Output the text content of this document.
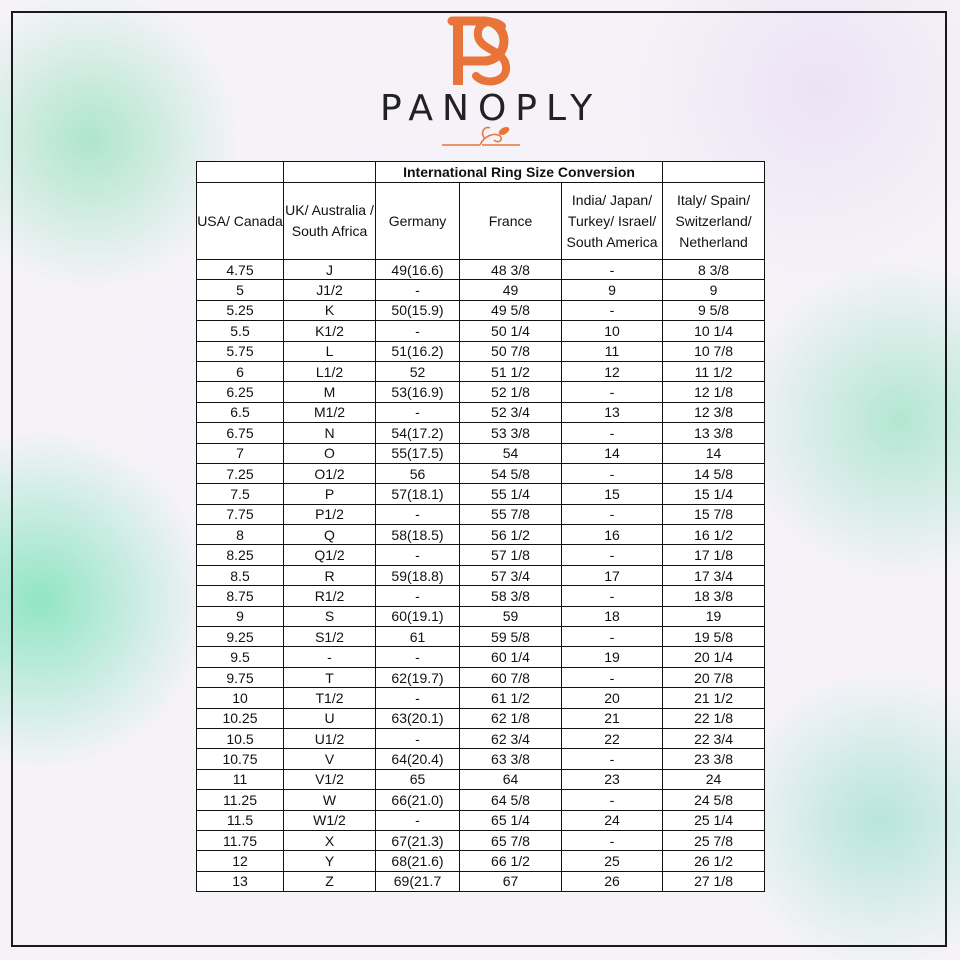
PANOPLY
		International Ring Size Conversion			
USA/ Canada	UK/ Australia / South Africa	Germany	France	India/ Japan/ Turkey/ Israel/ South America	Italy/ Spain/ Switzerland/ Netherland
4.75	J	49(16.6)	48 3/8	-	8 3/8
5	J1/2	-	49	9	9
5.25	K	50(15.9)	49 5/8	-	9 5/8
5.5	K1/2	-	50 1/4	10	10 1/4
5.75	L	51(16.2)	50 7/8	11	10 7/8
6	L1/2	52	51 1/2	12	11 1/2
6.25	M	53(16.9)	52 1/8	-	12 1/8
6.5	M1/2	-	52 3/4	13	12 3/8
6.75	N	54(17.2)	53 3/8	-	13 3/8
7	O	55(17.5)	54	14	14
7.25	O1/2	56	54 5/8	-	14 5/8
7.5	P	57(18.1)	55 1/4	15	15 1/4
7.75	P1/2	-	55 7/8	-	15 7/8
8	Q	58(18.5)	56 1/2	16	16 1/2
8.25	Q1/2	-	57 1/8	-	17 1/8
8.5	R	59(18.8)	57 3/4	17	17 3/4
8.75	R1/2	-	58 3/8	-	18 3/8
9	S	60(19.1)	59	18	19
9.25	S1/2	61	59 5/8	-	19 5/8
9.5	-	-	60 1/4	19	20 1/4
9.75	T	62(19.7)	60 7/8	-	20 7/8
10	T1/2	-	61 1/2	20	21 1/2
10.25	U	63(20.1)	62 1/8	21	22 1/8
10.5	U1/2	-	62 3/4	22	22 3/4
10.75	V	64(20.4)	63 3/8	-	23 3/8
11	V1/2	65	64	23	24
11.25	W	66(21.0)	64 5/8	-	24 5/8
11.5	W1/2	-	65 1/4	24	25 1/4
11.75	X	67(21.3)	65 7/8	-	25 7/8
12	Y	68(21.6)	66 1/2	25	26 1/2
13	Z	69(21.7	67	26	27 1/8
